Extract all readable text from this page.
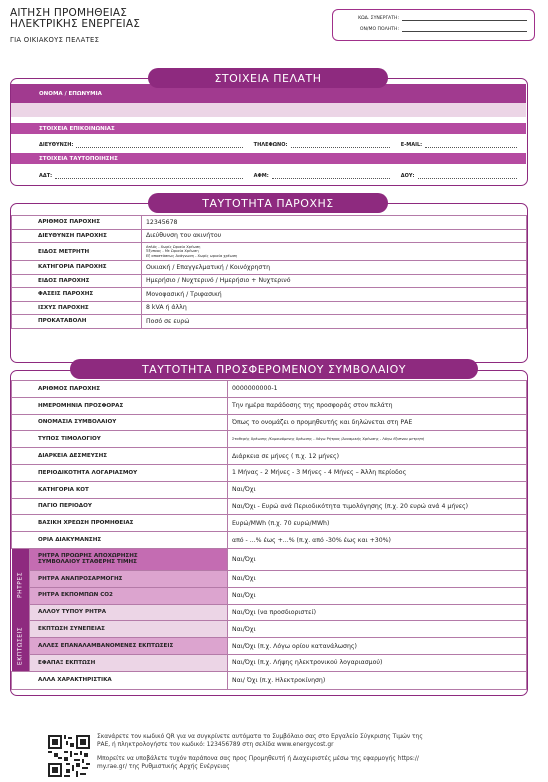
ΑΙΤΗΣΗ ΠΡΟΜΗΘΕΙΑΣ
ΗΛΕΚΤΡΙΚΗΣ ΕΝΕΡΓΕΙΑΣ
ΓΙΑ ΟΙΚΙΑΚΟΥΣ ΠΕΛΑΤΕΣ
ΚΩΔ. ΣΥΝΕΡΓΑΤΗ:
ΟΝ/ΜΟ ΠΟΛΗΤΗ:
ΟΝΟΜΑ / ΕΠΩΝΥΜΙΑ
ΣΤΟΙΧΕΙΑ ΕΠΙΚΟΙΝΩΝΙΑΣ
ΔΙΕΥΘΥΝΣΗ:	ΤΗΛΕΦΩΝΟ:	E-MAIL:
ΣΤΟΙΧΕΙΑ ΤΑΥΤΟΠΟΙΗΣΗΣ
ΑΔΤ:	ΑΦΜ:	ΔΟΥ:
ΣΤΟΙΧΕΙΑ ΠΕΛΑΤΗ
ΤΑΥΤΟΤΗΤΑ ΠΑΡΟΧΗΣ
ΑΡΙΘΜΟΣ ΠΑΡΟΧΗΣ	12345678
ΔΙΕΥΘΥΝΣΗ ΠΑΡΟΧΗΣ	Διεύθυνση του ακινήτου
ΕΙΔΟΣ ΜΕΤΡΗΤΗ	Απλός - Χωρίς Ωριαία Χρέωση
Έξυπνος - Με Ωριαία Χρέωση
Εξ αποστάσεως Ανάγνωση - Χωρίς ωριαία χρέωση
ΚΑΤΗΓΟΡΙΑ ΠΑΡΟΧΗΣ	Οικιακή / Επαγγελματική / Κοινόχρηστη
ΕΙΔΟΣ ΠΑΡΟΧΗΣ	Ημερήσιο / Νυχτερινό / Ημερήσιο + Νυχτερινό
ΦΑΣΕΙΣ ΠΑΡΟΧΗΣ	Μονοφασική / Τριφασική
ΙΣΧΥΣ ΠΑΡΟΧΗΣ	8 kVA ή άλλη
ΠΡΟΚΑΤΑΒΟΛΗ	Ποσό σε ευρώ
ΤΑΥΤΟΤΗΤΑ ΠΡΟΣΦΕΡΟΜΕΝΟΥ ΣΥΜΒΟΛΑΙΟΥ
ΑΡΙΘΜΟΣ ΠΑΡΟΧΗΣ		0000000000-1
ΗΜΕΡΟΜΗΝΙΑ ΠΡΟΣΦΟΡΑΣ		Την ημέρα παράδοσης της προσφοράς στον πελάτη
ΟΝΟΜΑΣΙΑ ΣΥΜΒΟΛΑΙΟΥ		Όπως το ονομάζει ο προμηθευτής και δηλώνεται στη ΡΑΕ
ΤΥΠΟΣ ΤΙΜΟΛΟΓΙΟΥ		Σταθερής Χρέωσης /Κυμαινόμενης Χρέωσης - Λόγω Ρήτρας /Δυναμικής Χρέωσης - Λόγω έξυπνου μετρητή
ΔΙΑΡΚΕΙΑ ΔΕΣΜΕΥΣΗΣ		Διάρκεια σε μήνες ( π.χ. 12 μήνες)
ΠΕΡΙΟΔΙΚΟΤΗΤΑ ΛΟΓΑΡΙΑΣΜΟΥ		1 Μήνας - 2 Μήνες - 3 Μήνες - 4 Μήνες – Άλλη περίοδος
ΚΑΤΗΓΟΡΙΑ ΚΟΤ		Ναι/Όχι
ΠΑΓΙΟ ΠΕΡΙΟΔΟΥ		Ναι/Όχι - Ευρώ ανά Περιοδικότητα τιμολόγησης (π.χ. 20 ευρώ ανά 4 μήνες)
ΒΑΣΙΚΗ ΧΡΕΩΣΗ ΠΡΟΜΗΘΕΙΑΣ		Ευρώ/MWh (π.χ. 70 ευρώ/MWh)
ΟΡΙΑ ΔΙΑΚΥΜΑΝΣΗΣ		από - ...% έως +...% (π.χ. από -30% έως και +30%)

ΡΗΤΡΕΣ	ΡΗΤΡΑ ΠΡΟΩΡΗΣ ΑΠΟΧΩΡΗΣΗΣ
ΣΥΜΒΟΛΑΙΟΥ ΣΤΑΘΕΡΗΣ ΤΙΜΗΣ	Ναι/Όχι
	ΡΗΤΡΑ ΑΝΑΠΡΟΣΑΡΜΟΓΗΣ	Ναι/Όχι
	ΡΗΤΡΑ ΕΚΠΟΜΠΩΝ CO2	Ναι/Όχι
	ΑΛΛΟΥ ΤΥΠΟΥ ΡΗΤΡΑ	Ναι/Όχι (να προσδιοριστεί)

ΕΚΠΤΩΣΕΙΣ	ΕΚΠΤΩΣΗ ΣΥΝΕΠΕΙΑΣ	Ναι/Όχι
	ΑΛΛΕΣ ΕΠΑΝΑΛΑΜΒΑΝΟΜΕΝΕΣ ΕΚΠΤΩΣΕΙΣ	Ναι/Όχι (π.χ. Λόγω ορίου κατανάλωσης)
	ΕΦΑΠΑΞ ΕΚΠΤΩΣΗ	Ναι/Όχι (π.χ. Λήψης ηλεκτρονικού λογαριασμού)
ΑΛΛΑ ΧΑΡΑΚΤΗΡΙΣΤΙΚΑ		Ναι/ Όχι (π.χ. Ηλεκτροκίνηση)
Σκανάρετε τον κωδικό QR για να συγκρίνετε αυτόματα το Συμβόλαιο σας στο Εργαλείο Σύγκρισης Τιμών της
ΡΑΕ, ή πληκτρολογήστε τον κωδικό: 123456789 στη σελίδα www.energycost.gr
Μπορείτε να υποβάλετε τυχόν παράπονα σας προς Προμηθευτή ή Διαχειριστές μέσω της εφαρμογής https://
my.rae.gr/ της Ρυθμιστικής Αρχής Ενέργειας
